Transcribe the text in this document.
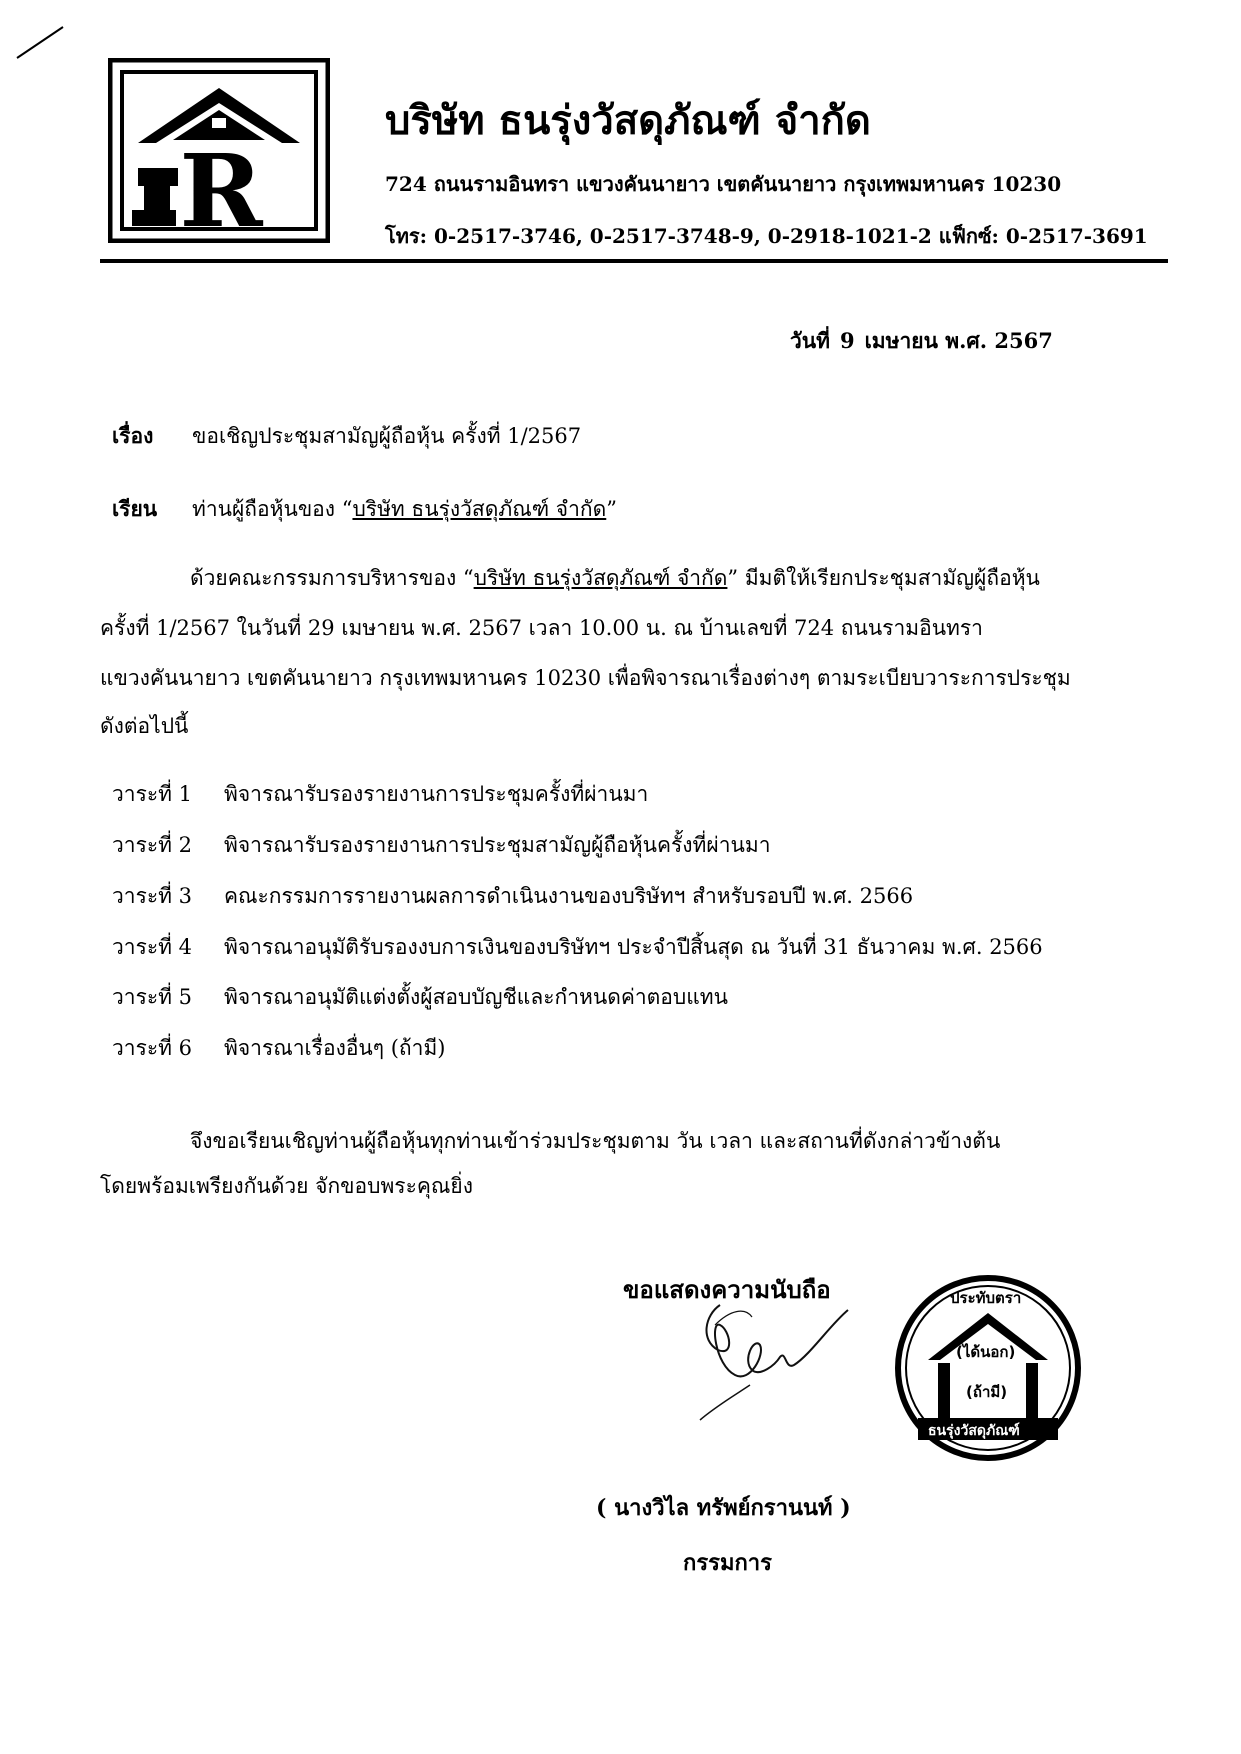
R
บริษัท ธนรุ่งวัสดุภัณฑ์ จำกัด
724 ถนนรามอินทรา แขวงคันนายาว เขตคันนายาว กรุงเทพมหานคร 10230
โทร: 0-2517-3746, 0-2517-3748-9, 0-2918-1021-2 แฟ็กซ์: 0-2517-3691
วันที่ 9 เมษายน พ.ศ. 2567
เรื่อง ขอเชิญประชุมสามัญผู้ถือหุ้น ครั้งที่ 1/2567
เรียน ท่านผู้ถือหุ้นของ “บริษัท ธนรุ่งวัสดุภัณฑ์ จำกัด”
ด้วยคณะกรรมการบริหารของ “บริษัท ธนรุ่งวัสดุภัณฑ์ จำกัด” มีมติให้เรียกประชุมสามัญผู้ถือหุ้น
ครั้งที่ 1/2567 ในวันที่ 29 เมษายน พ.ศ. 2567 เวลา 10.00 น. ณ บ้านเลขที่ 724 ถนนรามอินทรา
แขวงคันนายาว เขตคันนายาว กรุงเทพมหานคร 10230 เพื่อพิจารณาเรื่องต่างๆ ตามระเบียบวาระการประชุม
ดังต่อไปนี้
วาระที่ 1 พิจารณารับรองรายงานการประชุมครั้งที่ผ่านมา
วาระที่ 2 พิจารณารับรองรายงานการประชุมสามัญผู้ถือหุ้นครั้งที่ผ่านมา
วาระที่ 3 คณะกรรมการรายงานผลการดำเนินงานของบริษัทฯ สำหรับรอบปี พ.ศ. 2566
วาระที่ 4 พิจารณาอนุมัติรับรองงบการเงินของบริษัทฯ ประจำปีสิ้นสุด ณ วันที่ 31 ธันวาคม พ.ศ. 2566
วาระที่ 5 พิจารณาอนุมัติแต่งตั้งผู้สอบบัญชีและกำหนดค่าตอบแทน
วาระที่ 6 พิจารณาเรื่องอื่นๆ (ถ้ามี)
จึงขอเรียนเชิญท่านผู้ถือหุ้นทุกท่านเข้าร่วมประชุมตาม วัน เวลา และสถานที่ดังกล่าวข้างต้น
โดยพร้อมเพรียงกันด้วย จักขอบพระคุณยิ่ง
ขอแสดงความนับถือ	ประทับตรา
(ได้นอก)
(ถ้ามี)
ธนรุ่งวัสดุภัณฑ์
( นางวิไล ทรัพย์กรานนท์ )
กรรมการ
